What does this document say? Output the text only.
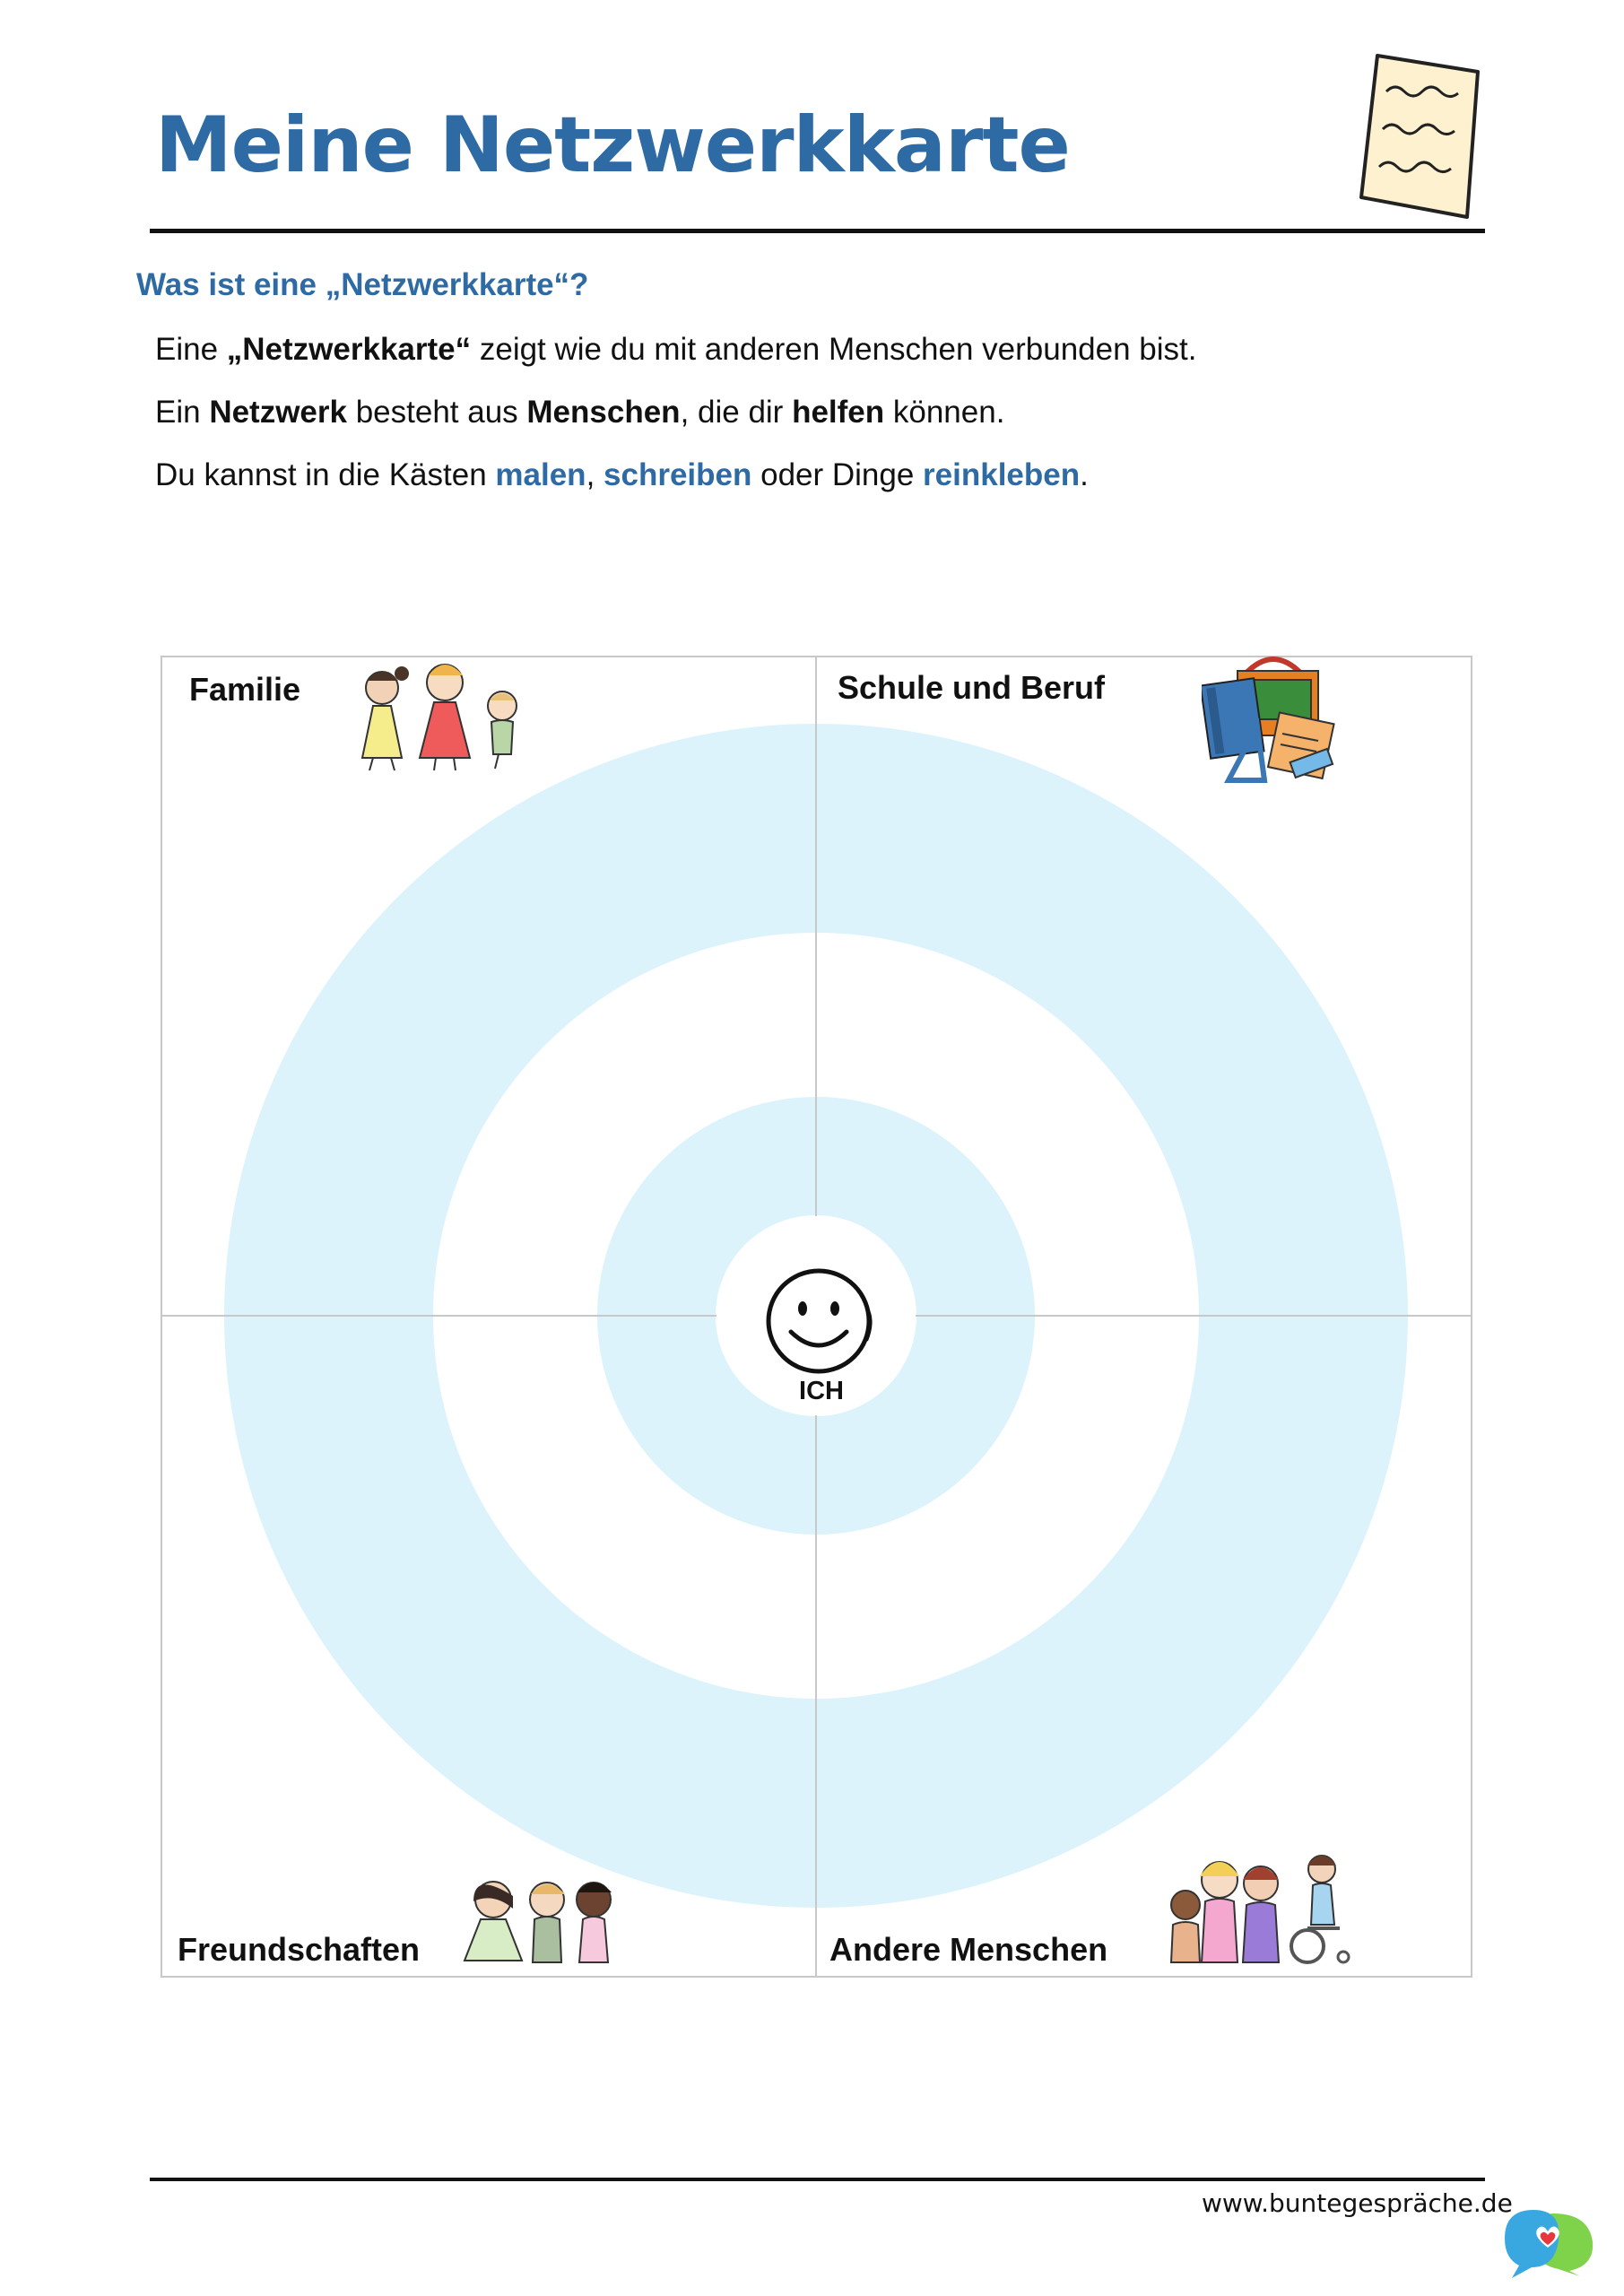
Meine Netzwerkkarte
Was ist eine „Netzwerkkarte“?
Eine „Netzwerkkarte“ zeigt wie du mit anderen Menschen verbunden bist.
Ein Netzwerk besteht aus Menschen, die dir helfen können.
Du kannst in die Kästen malen, schreiben oder Dinge reinkleben.
Familie	Schule und Beruf
Freundschaften	Andere Menschen
ICH
www.buntegespräche.de
